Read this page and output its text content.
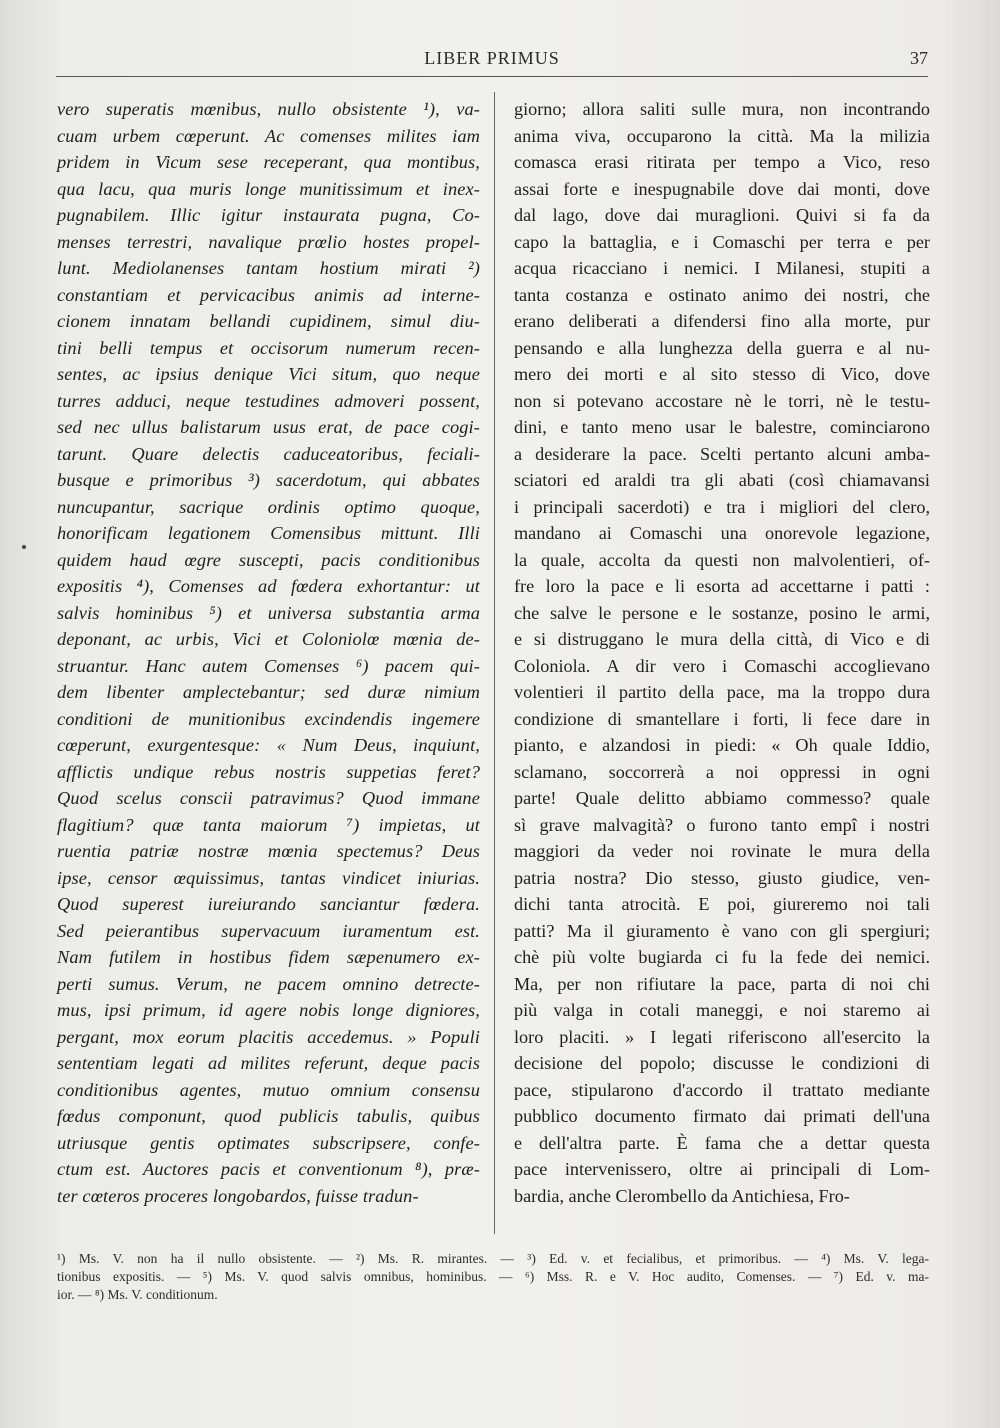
LIBER PRIMUS	37
vero superatis mœnibus, nullo obsistente ¹), va-
cuam urbem cœperunt. Ac comenses milites iam
pridem in Vicum sese receperant, qua montibus,
qua lacu, qua muris longe munitissimum et inex-
pugnabilem. Illic igitur instaurata pugna, Co-
menses terrestri, navalique prœlio hostes propel-
lunt. Mediolanenses tantam hostium mirati ²)
constantiam et pervicacibus animis ad interne-
cionem innatam bellandi cupidinem, simul diu-
tini belli tempus et occisorum numerum recen-
sentes, ac ipsius denique Vici situm, quo neque
turres adduci, neque testudines admoveri possent,
sed nec ullus balistarum usus erat, de pace cogi-
tarunt. Quare delectis caduceatoribus, feciali-
busque e primoribus ³) sacerdotum, qui abbates
nuncupantur, sacrique ordinis optimo quoque,
honorificam legationem Comensibus mittunt. Illi
quidem haud œgre suscepti, pacis conditionibus
expositis ⁴), Comenses ad fœdera exhortantur: ut
salvis hominibus ⁵) et universa substantia arma
deponant, ac urbis, Vici et Coloniolœ mœnia de-
struantur. Hanc autem Comenses ⁶) pacem qui-
dem libenter amplectebantur; sed duræ nimium
conditioni de munitionibus excindendis ingemere
cœperunt, exurgentesque: « Num Deus, inquiunt,
afflictis undique rebus nostris suppetias feret?
Quod scelus conscii patravimus? Quod immane
flagitium? quæ tanta maiorum ⁷) impietas, ut
ruentia patriæ nostræ mœnia spectemus? Deus
ipse, censor œquissimus, tantas vindicet iniurias.
Quod superest iureiurando sanciantur fœdera.
Sed peierantibus supervacuum iuramentum est.
Nam futilem in hostibus fidem sæpenumero ex-
perti sumus. Verum, ne pacem omnino detrecte-
mus, ipsi primum, id agere nobis longe digniores,
pergant, mox eorum placitis accedemus. » Populi
sententiam legati ad milites referunt, deque pacis
conditionibus agentes, mutuo omnium consensu
fœdus componunt, quod publicis tabulis, quibus
utriusque gentis optimates subscripsere, confe-
ctum est. Auctores pacis et conventionum ⁸), præ-
ter cœteros proceres longobardos, fuisse tradun-
giorno; allora saliti sulle mura, non incontrando
anima viva, occuparono la città. Ma la milizia
comasca erasi ritirata per tempo a Vico, reso
assai forte e inespugnabile dove dai monti, dove
dal lago, dove dai muraglioni. Quivi si fa da
capo la battaglia, e i Comaschi per terra e per
acqua ricacciano i nemici. I Milanesi, stupiti a
tanta costanza e ostinato animo dei nostri, che
erano deliberati a difendersi fino alla morte, pur
pensando e alla lunghezza della guerra e al nu-
mero dei morti e al sito stesso di Vico, dove
non si potevano accostare nè le torri, nè le testu-
dini, e tanto meno usar le balestre, cominciarono
a desiderare la pace. Scelti pertanto alcuni amba-
sciatori ed araldi tra gli abati (così chiamavansi
i principali sacerdoti) e tra i migliori del clero,
mandano ai Comaschi una onorevole legazione,
la quale, accolta da questi non malvolentieri, of-
fre loro la pace e li esorta ad accettarne i patti :
che salve le persone e le sostanze, posino le armi,
e si distruggano le mura della città, di Vico e di
Coloniola. A dir vero i Comaschi accoglievano
volentieri il partito della pace, ma la troppo dura
condizione di smantellare i forti, li fece dare in
pianto, e alzandosi in piedi: « Oh quale Iddio,
sclamano, soccorrerà a noi oppressi in ogni
parte! Quale delitto abbiamo commesso? quale
sì grave malvagità? o furono tanto empî i nostri
maggiori da veder noi rovinate le mura della
patria nostra? Dio stesso, giusto giudice, ven-
dichi tanta atrocità. E poi, giureremo noi tali
patti? Ma il giuramento è vano con gli spergiuri;
chè più volte bugiarda ci fu la fede dei nemici.
Ma, per non rifiutare la pace, parta di noi chi
più valga in cotali maneggi, e noi staremo ai
loro placiti. » I legati riferiscono all'esercito la
decisione del popolo; discusse le condizioni di
pace, stipularono d'accordo il trattato mediante
pubblico documento firmato dai primati dell'una
e dell'altra parte. È fama che a dettar questa
pace intervenissero, oltre ai principali di Lom-
bardia, anche Clerombello da Antichiesa, Fro-
¹) Ms. V. non ha il nullo obsistente. — ²) Ms. R. mirantes. — ³) Ed. v. et fecialibus, et primoribus. — ⁴) Ms. V. lega-
tionibus expositis. — ⁵) Ms. V. quod salvis omnibus, hominibus. — ⁶) Mss. R. e V. Hoc audito, Comenses. — ⁷) Ed. v. ma-
ior. — ⁸) Ms. V. conditionum.
